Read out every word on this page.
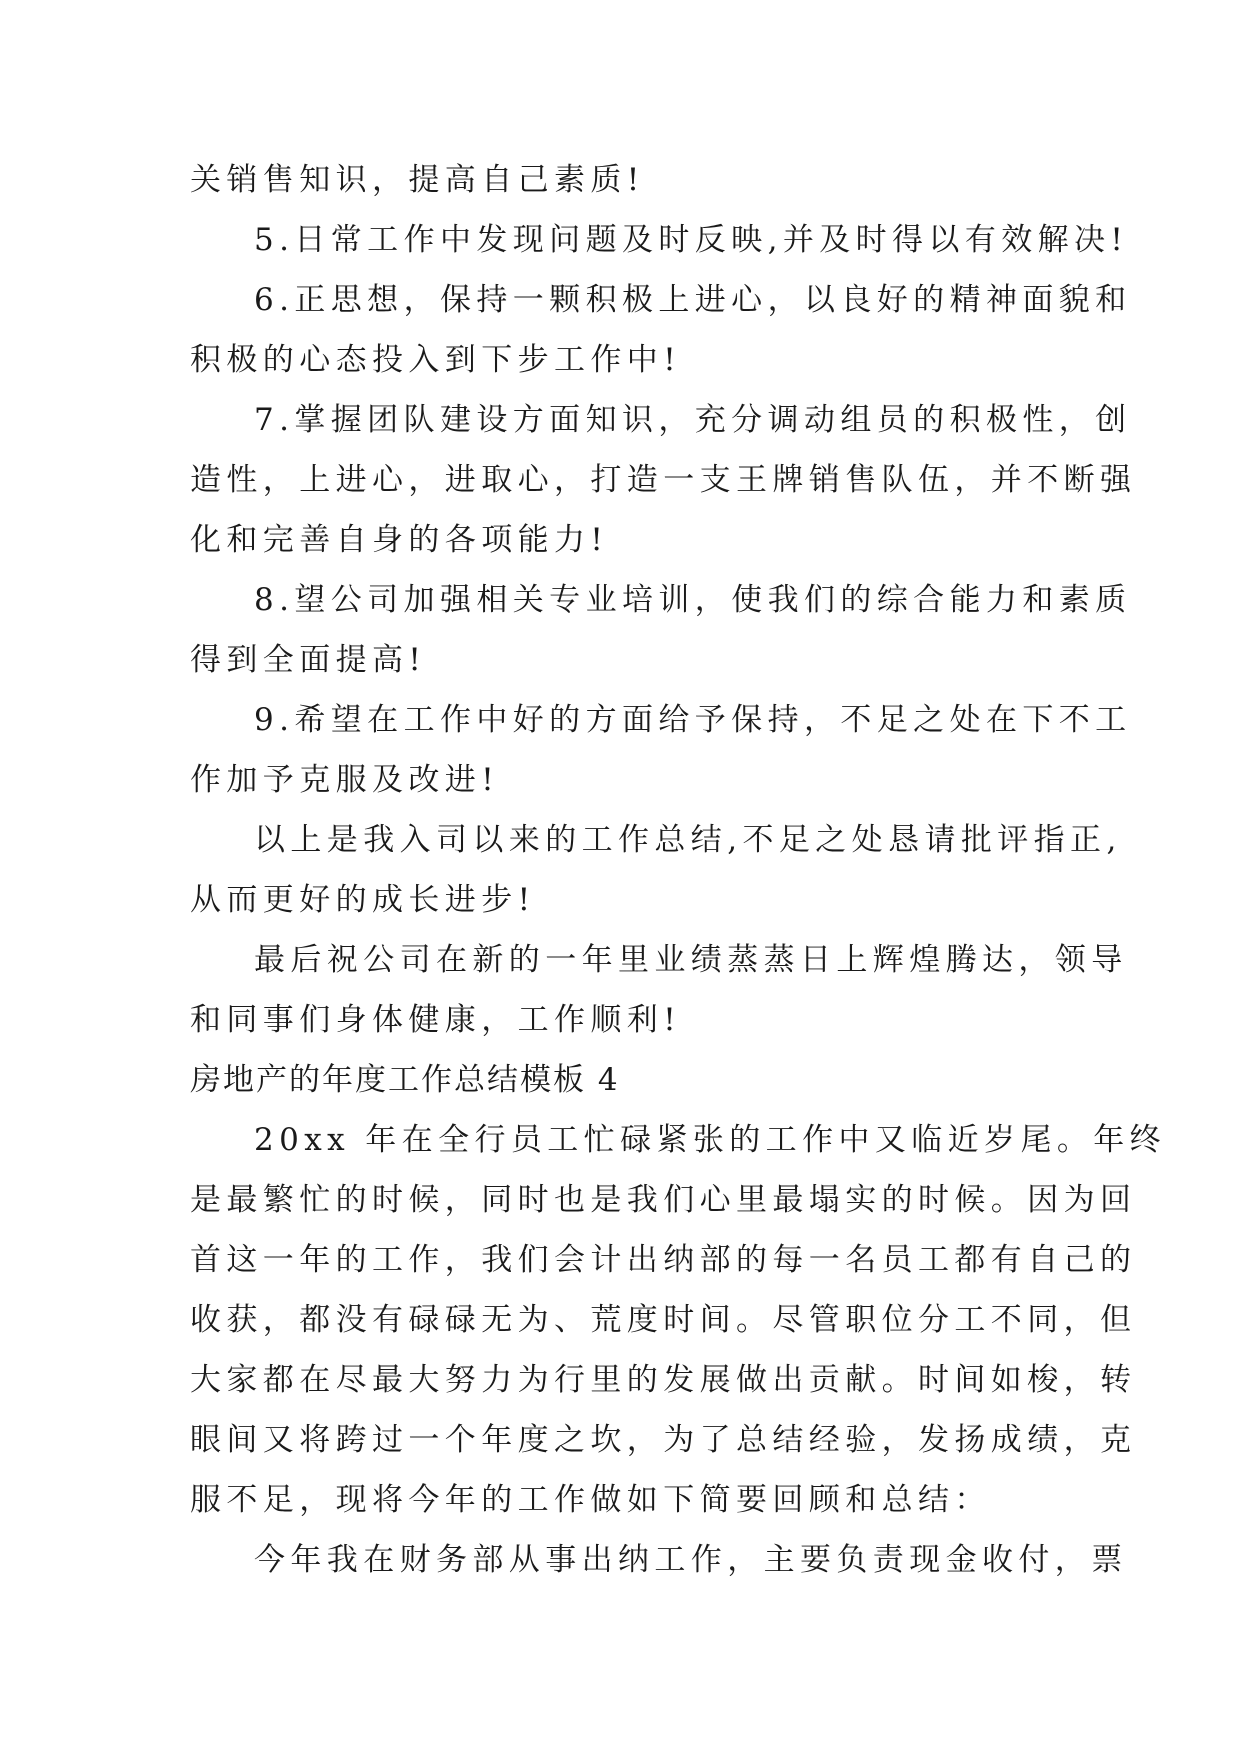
关销售知识，提高自己素质!
5.日常工作中发现问题及时反映,并及时得以有效解决!
6.正思想，保持一颗积极上进心，以良好的精神面貌和
积极的心态投入到下步工作中!
7.掌握团队建设方面知识，充分调动组员的积极性，创
造性，上进心，进取心，打造一支王牌销售队伍，并不断强
化和完善自身的各项能力!
8.望公司加强相关专业培训，使我们的综合能力和素质
得到全面提高!
9.希望在工作中好的方面给予保持，不足之处在下不工
作加予克服及改进!
以上是我入司以来的工作总结,不足之处恳请批评指正,
从而更好的成长进步!
最后祝公司在新的一年里业绩蒸蒸日上辉煌腾达，领导
和同事们身体健康，工作顺利!
房地产的年度工作总结模板 4
20xx 年在全行员工忙碌紧张的工作中又临近岁尾。年终
是最繁忙的时候，同时也是我们心里最塌实的时候。因为回
首这一年的工作，我们会计出纳部的每一名员工都有自己的
收获，都没有碌碌无为、荒度时间。尽管职位分工不同，但
大家都在尽最大努力为行里的发展做出贡献。时间如梭，转
眼间又将跨过一个年度之坎，为了总结经验，发扬成绩，克
服不足，现将今年的工作做如下简要回顾和总结：
今年我在财务部从事出纳工作，主要负责现金收付，票
